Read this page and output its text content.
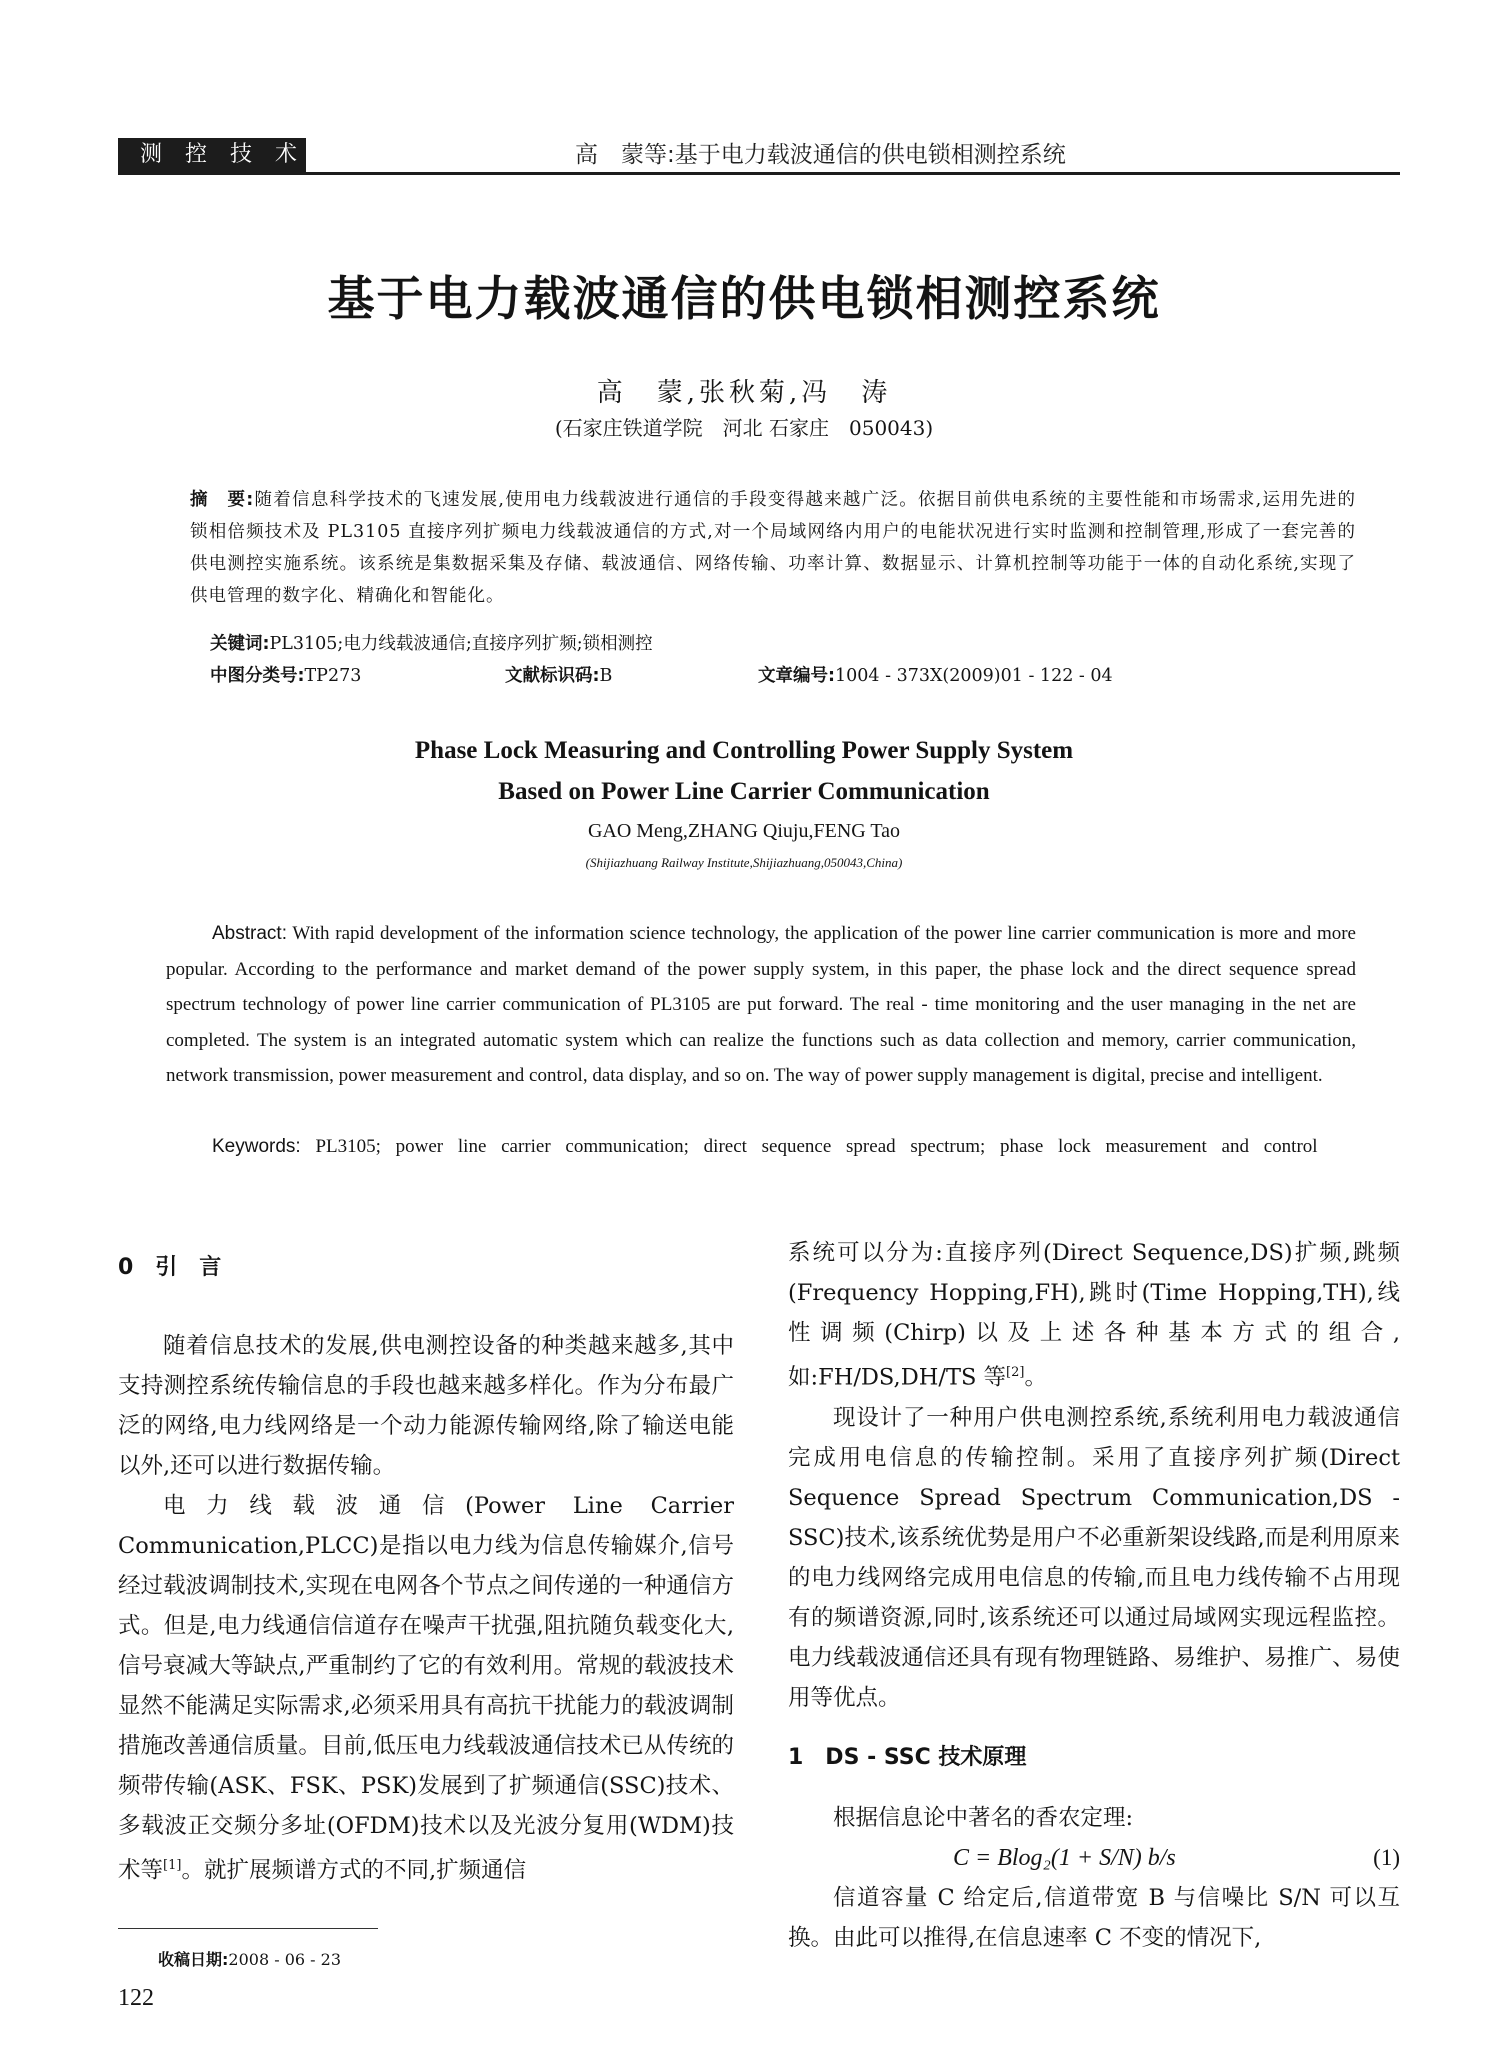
测 控 技 术	高　蒙等:基于电力载波通信的供电锁相测控系统
基于电力载波通信的供电锁相测控系统
高　蒙,张秋菊,冯　涛
(石家庄铁道学院　河北 石家庄　050043)
摘　要:随着信息科学技术的飞速发展,使用电力线载波进行通信的手段变得越来越广泛。依据目前供电系统的主要性能和市场需求,运用先进的锁相倍频技术及 PL3105 直接序列扩频电力线载波通信的方式,对一个局域网络内用户的电能状况进行实时监测和控制管理,形成了一套完善的供电测控实施系统。该系统是集数据采集及存储、载波通信、网络传输、功率计算、数据显示、计算机控制等功能于一体的自动化系统,实现了供电管理的数字化、精确化和智能化。
关键词:PL3105;电力线载波通信;直接序列扩频;锁相测控
中图分类号:TP273	文献标识码:B	文章编号:1004 - 373X(2009)01 - 122 - 04
Phase Lock Measuring and Controlling Power Supply System
Based on Power Line Carrier Communication
GAO Meng,ZHANG Qiuju,FENG Tao
(Shijiazhuang Railway Institute,Shijiazhuang,050043,China)
Abstract: With rapid development of the information science technology, the application of the power line carrier communication is more and more popular. According to the performance and market demand of the power supply system, in this paper, the phase lock and the direct sequence spread spectrum technology of power line carrier communication of PL3105 are put forward. The real - time monitoring and the user managing in the net are completed. The system is an integrated automatic system which can realize the functions such as data collection and memory, carrier communication, network transmission, power measurement and control, data display, and so on. The way of power supply management is digital, precise and intelligent.
Keywords: PL3105; power line carrier communication; direct sequence spread spectrum; phase lock measurement and control
0　引　言

随着信息技术的发展,供电测控设备的种类越来越多,其中支持测控系统传输信息的手段也越来越多样化。作为分布最广泛的网络,电力线网络是一个动力能源传输网络,除了输送电能以外,还可以进行数据传输。

电力线载波通信(Power Line Carrier Communication,PLCC)是指以电力线为信息传输媒介,信号经过载波调制技术,实现在电网各个节点之间传递的一种通信方式。但是,电力线通信信道存在噪声干扰强,阻抗随负载变化大,信号衰减大等缺点,严重制约了它的有效利用。常规的载波技术显然不能满足实际需求,必须采用具有高抗干扰能力的载波调制措施改善通信质量。目前,低压电力线载波通信技术已从传统的频带传输(ASK、FSK、PSK)发展到了扩频通信(SSC)技术、多载波正交频分多址(OFDM)技术以及光波分复用(WDM)技术等[1]。就扩展频谱方式的不同,扩频通信

系统可以分为:直接序列(Direct Sequence,DS)扩频,跳频(Frequency Hopping,FH),跳时(Time Hopping,TH),线性调频(Chirp)以及上述各种基本方式的组合,如:FH/DS,DH/TS 等[2]。

现设计了一种用户供电测控系统,系统利用电力载波通信完成用电信息的传输控制。采用了直接序列扩频(Direct Sequence Spread Spectrum Communication,DS - SSC)技术,该系统优势是用户不必重新架设线路,而是利用原来的电力线网络完成用电信息的传输,而且电力线传输不占用现有的频谱资源,同时,该系统还可以通过局域网实现远程监控。电力线载波通信还具有现有物理链路、易维护、易推广、易使用等优点。

1　DS - SSC 技术原理

根据信息论中著名的香农定理:

C = Blog₂(1 + S/N) b/s	(1)

信道容量 C 给定后,信道带宽 B 与信噪比 S/N 可以互换。由此可以推得,在信息速率 C 不变的情况下,

收稿日期:2008 - 06 - 23
122
